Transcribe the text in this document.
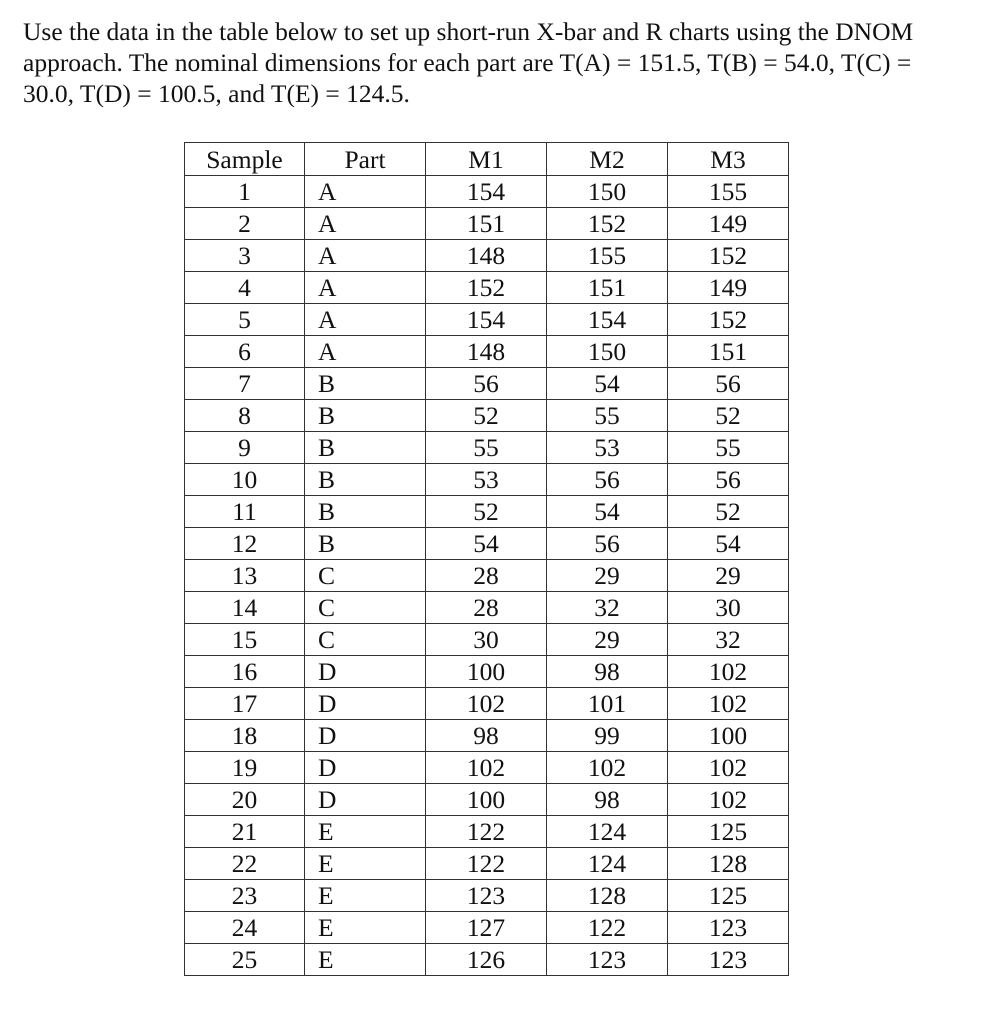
Use the data in the table below to set up short-run X-bar and R charts using the DNOM
approach. The nominal dimensions for each part are T(A) = 151.5, T(B) = 54.0, T(C) =
30.0, T(D) = 100.5, and T(E) = 124.5.

Sample	Part	M1	M2	M3
1	A	154	150	155
2	A	151	152	149
3	A	148	155	152
4	A	152	151	149
5	A	154	154	152
6	A	148	150	151
7	B	56	54	56
8	B	52	55	52
9	B	55	53	55
10	B	53	56	56
11	B	52	54	52
12	B	54	56	54
13	C	28	29	29
14	C	28	32	30
15	C	30	29	32
16	D	100	98	102
17	D	102	101	102
18	D	98	99	100
19	D	102	102	102
20	D	100	98	102
21	E	122	124	125
22	E	122	124	128
23	E	123	128	125
24	E	127	122	123
25	E	126	123	123
